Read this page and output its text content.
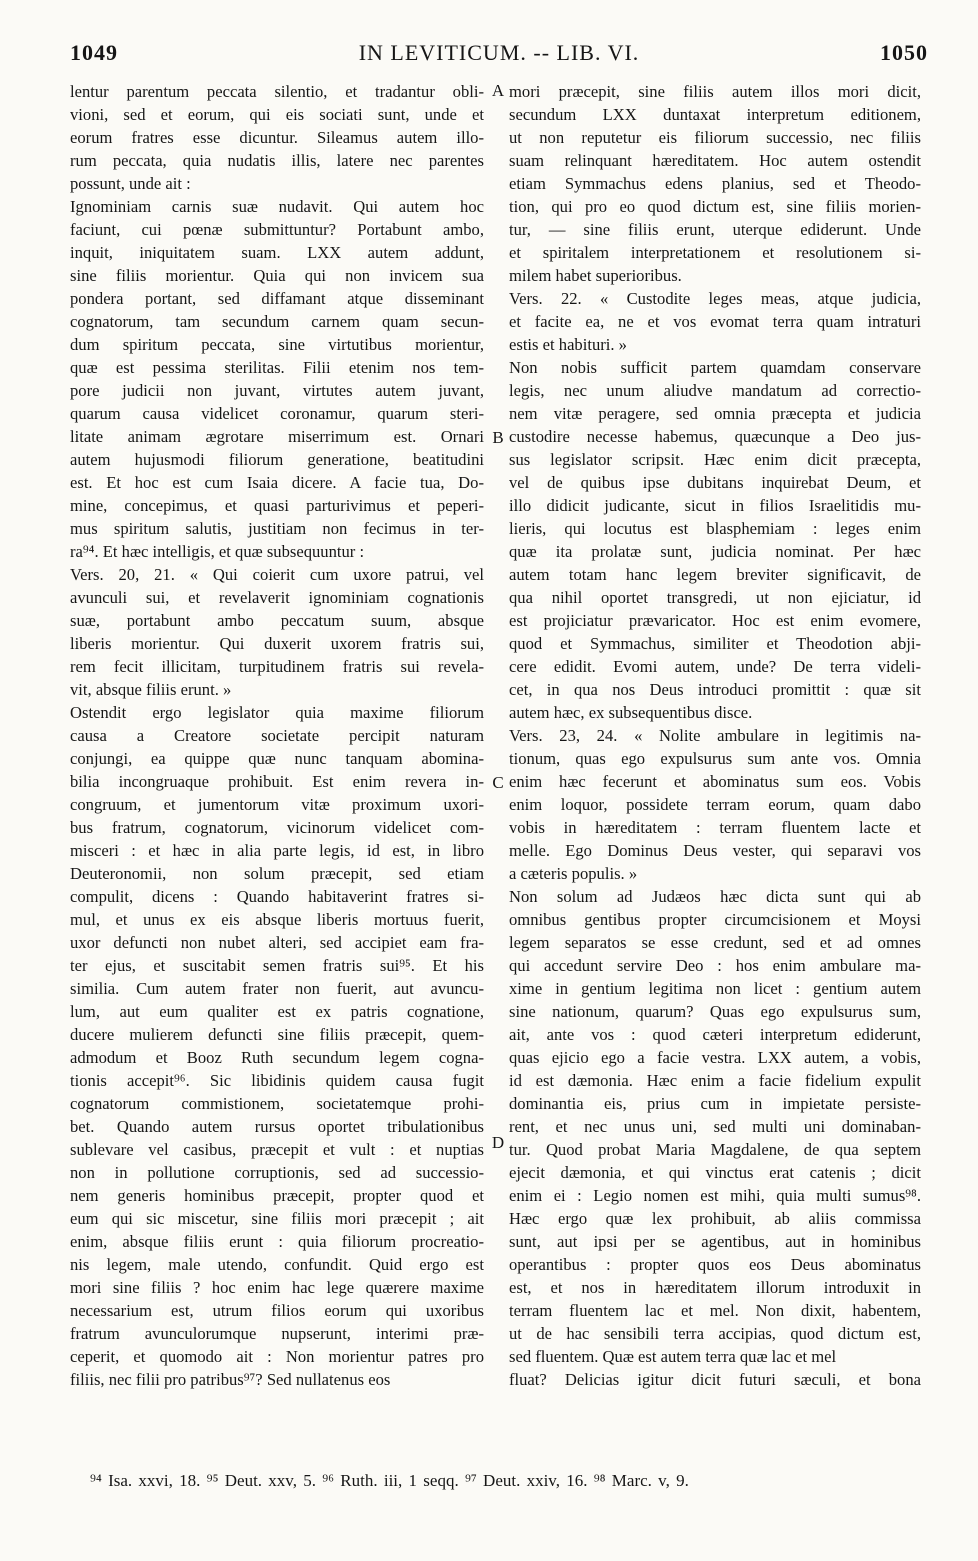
1049	IN LEVITICUM. -- LIB. VI.	1050
lentur parentum peccata silentio, et tradantur obli-
vioni, sed et eorum, qui eis sociati sunt, unde et
eorum fratres esse dicuntur. Sileamus autem illo-
rum peccata, quia nudatis illis, latere nec parentes
possunt, unde ait :
Ignominiam carnis suæ nudavit. Qui autem hoc
faciunt, cui pœnæ submittuntur? Portabunt ambo,
inquit, iniquitatem suam. LXX autem addunt,
sine filiis morientur. Quia qui non invicem sua
pondera portant, sed diffamant atque disseminant
cognatorum, tam secundum carnem quam secun-
dum spiritum peccata, sine virtutibus morientur,
quæ est pessima sterilitas. Filii etenim nos tem-
pore judicii non juvant, virtutes autem juvant,
quarum causa videlicet coronamur, quarum steri-
litate animam ægrotare miserrimum est. Ornari
autem hujusmodi filiorum generatione, beatitudini
est. Et hoc est cum Isaia dicere. A facie tua, Do-
mine, concepimus, et quasi parturivimus et peperi-
mus spiritum salutis, justitiam non fecimus in ter-
ra⁹⁴. Et hæc intelligis, et quæ subsequuntur :
Vers. 20, 21. « Qui coierit cum uxore patrui, vel
avunculi sui, et revelaverit ignominiam cognationis
suæ, portabunt ambo peccatum suum, absque
liberis morientur. Qui duxerit uxorem fratris sui,
rem fecit illicitam, turpitudinem fratris sui revela-
vit, absque filiis erunt. »
Ostendit ergo legislator quia maxime filiorum
causa a Creatore societate percipit naturam
conjungi, ea quippe quæ nunc tanquam abomina-
bilia incongruaque prohibuit. Est enim revera in-
congruum, et jumentorum vitæ proximum uxori-
bus fratrum, cognatorum, vicinorum videlicet com-
misceri : et hæc in alia parte legis, id est, in libro
Deuteronomii, non solum præcepit, sed etiam
compulit, dicens : Quando habitaverint fratres si-
mul, et unus ex eis absque liberis mortuus fuerit,
uxor defuncti non nubet alteri, sed accipiet eam fra-
ter ejus, et suscitabit semen fratris sui⁹⁵. Et his
similia. Cum autem frater non fuerit, aut avuncu-
lum, aut eum qualiter est ex patris cognatione,
ducere mulierem defuncti sine filiis præcepit, quem-
admodum et Booz Ruth secundum legem cogna-
tionis accepit⁹⁶. Sic libidinis quidem causa fugit
cognatorum commistionem, societatemque prohi-
bet. Quando autem rursus oportet tribulationibus
sublevare vel casibus, præcepit et vult : et nuptias
non in pollutione corruptionis, sed ad successio-
nem generis hominibus præcepit, propter quod et
eum qui sic miscetur, sine filiis mori præcepit ; ait
enim, absque filiis erunt : quia filiorum procreatio-
nis legem, male utendo, confundit. Quid ergo est
mori sine filiis ? hoc enim hac lege quærere maxime
necessarium est, utrum filios eorum qui uxoribus
fratrum avunculorumque nupserunt, interimi præ-
ceperit, et quomodo ait : Non morientur patres pro
filiis, nec filii pro patribus⁹⁷? Sed nullatenus eos
mori præcepit, sine filiis autem illos mori dicit,
secundum LXX duntaxat interpretum editionem,
ut non reputetur eis filiorum successio, nec filiis
suam relinquant hæreditatem. Hoc autem ostendit
etiam Symmachus edens planius, sed et Theodo-
tion, qui pro eo quod dictum est, sine filiis morien-
tur, — sine filiis erunt, uterque ediderunt. Unde
et spiritalem interpretationem et resolutionem si-
milem habet superioribus.
Vers. 22. « Custodite leges meas, atque judicia,
et facite ea, ne et vos evomat terra quam intraturi
estis et habituri. »
Non nobis sufficit partem quamdam conservare
legis, nec unum aliudve mandatum ad correctio-
nem vitæ peragere, sed omnia præcepta et judicia
custodire necesse habemus, quæcunque a Deo jus-
sus legislator scripsit. Hæc enim dicit præcepta,
vel de quibus ipse dubitans inquirebat Deum, et
illo didicit judicante, sicut in filios Israelitidis mu-
lieris, qui locutus est blasphemiam : leges enim
quæ ita prolatæ sunt, judicia nominat. Per hæc
autem totam hanc legem breviter significavit, de
qua nihil oportet transgredi, ut non ejiciatur, id
est projiciatur prævaricator. Hoc est enim evomere,
quod et Symmachus, similiter et Theodotion abji-
cere edidit. Evomi autem, unde? De terra videli-
cet, in qua nos Deus introduci promittit : quæ sit
autem hæc, ex subsequentibus disce.
Vers. 23, 24. « Nolite ambulare in legitimis na-
tionum, quas ego expulsurus sum ante vos. Omnia
enim hæc fecerunt et abominatus sum eos. Vobis
enim loquor, possidete terram eorum, quam dabo
vobis in hæreditatem : terram fluentem lacte et
melle. Ego Dominus Deus vester, qui separavi vos
a cæteris populis. »
Non solum ad Judæos hæc dicta sunt qui ab
omnibus gentibus propter circumcisionem et Moysi
legem separatos se esse credunt, sed et ad omnes
qui accedunt servire Deo : hos enim ambulare ma-
xime in gentium legitima non licet : gentium autem
sine nationum, quarum? Quas ego expulsurus sum,
ait, ante vos : quod cæteri interpretum ediderunt,
quas ejicio ego a facie vestra. LXX autem, a vobis,
id est dæmonia. Hæc enim a facie fidelium expulit
dominantia eis, prius cum in impietate persiste-
rent, et nec unus uni, sed multi uni dominaban-
tur. Quod probat Maria Magdalene, de qua septem
ejecit dæmonia, et qui vinctus erat catenis ; dicit
enim ei : Legio nomen est mihi, quia multi sumus⁹⁸.
Hæc ergo quæ lex prohibuit, ab aliis commissa
sunt, aut ipsi per se agentibus, aut in hominibus
operantibus : propter quos eos Deus abominatus
est, et nos in hæreditatem illorum introduxit in
terram fluentem lac et mel. Non dixit, habentem,
ut de hac sensibili terra accipias, quod dictum est,
sed fluentem. Quæ est autem terra quæ lac et mel
fluat? Delicias igitur dicit futuri sæculi, et bona
A
B
C
D
⁹⁴ Isa. xxvi, 18. ⁹⁵ Deut. xxv, 5. ⁹⁶ Ruth. iii, 1 seqq. ⁹⁷ Deut. xxiv, 16. ⁹⁸ Marc. v, 9.
